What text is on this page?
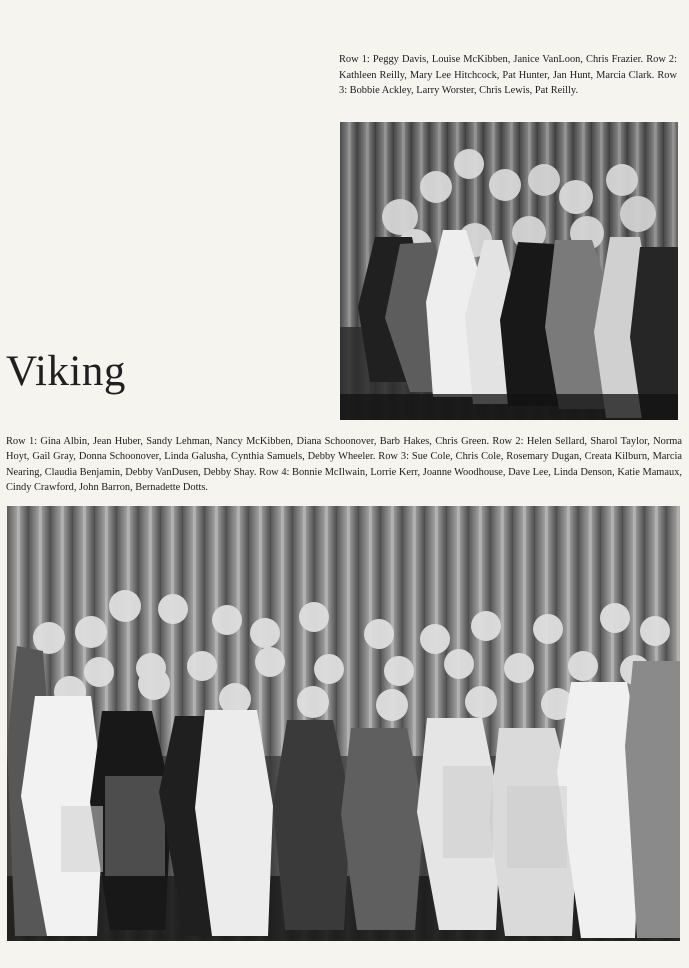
Row 1: Peggy Davis, Louise McKibben, Janice VanLoon, Chris Frazier. Row 2: Kathleen Reilly, Mary Lee Hitchcock, Pat Hunter, Jan Hunt, Marcia Clark. Row 3: Bobbie Ackley, Larry Worster, Chris Lewis, Pat Reilly.
Viking
Row 1: Gina Albin, Jean Huber, Sandy Lehman, Nancy McKibben, Diana Schoonover, Barb Hakes, Chris Green. Row 2: Helen Sellard, Sharol Taylor, Norma Hoyt, Gail Gray, Donna Schoonover, Linda Galusha, Cynthia Samuels, Debby Wheeler. Row 3: Sue Cole, Chris Cole, Rosemary Dugan, Creata Kilburn, Marcia Nearing, Claudia Benjamin, Debby VanDusen, Debby Shay. Row 4: Bonnie McIlwain, Lorrie Kerr, Joanne Woodhouse, Dave Lee, Linda Denson, Katie Mamaux, Cindy Crawford, John Barron, Bernadette Dotts.
